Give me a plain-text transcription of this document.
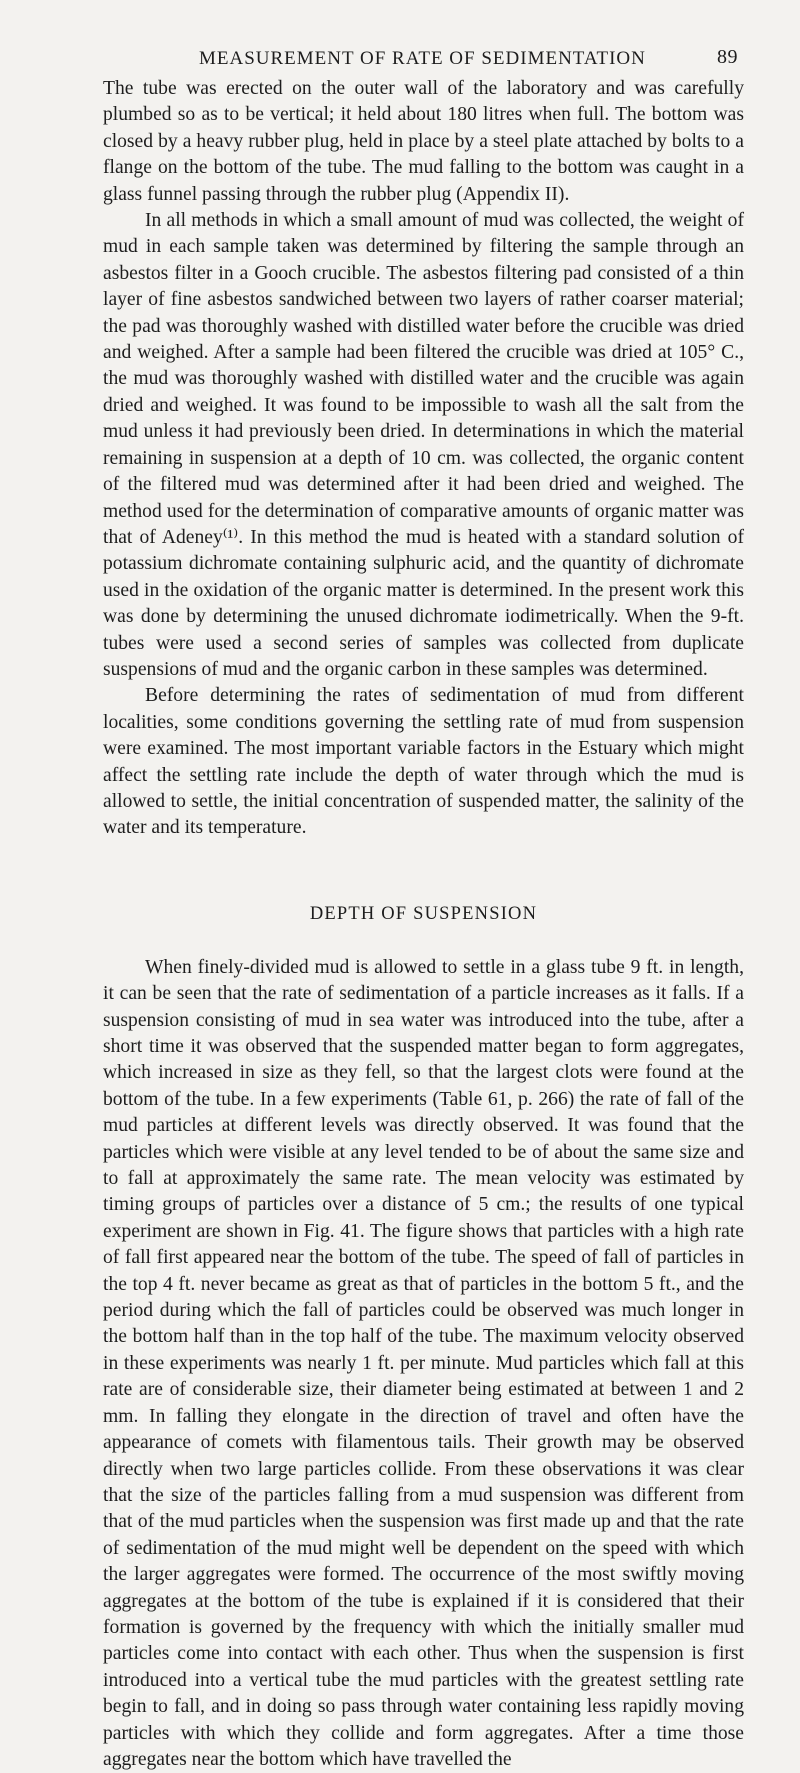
MEASUREMENT OF RATE OF SEDIMENTATION	89

The tube was erected on the outer wall of the laboratory and was carefully plumbed so as to be vertical; it held about 180 litres when full. The bottom was closed by a heavy rubber plug, held in place by a steel plate attached by bolts to a flange on the bottom of the tube. The mud falling to the bottom was caught in a glass funnel passing through the rubber plug (Appendix II).

In all methods in which a small amount of mud was collected, the weight of mud in each sample taken was determined by filtering the sample through an asbestos filter in a Gooch crucible. The asbestos filtering pad consisted of a thin layer of fine asbestos sandwiched between two layers of rather coarser material; the pad was thoroughly washed with distilled water before the crucible was dried and weighed. After a sample had been filtered the crucible was dried at 105° C., the mud was thoroughly washed with distilled water and the crucible was again dried and weighed. It was found to be impossible to wash all the salt from the mud unless it had previously been dried. In determinations in which the material remaining in suspension at a depth of 10 cm. was collected, the organic content of the filtered mud was determined after it had been dried and weighed. The method used for the determination of comparative amounts of organic matter was that of Adeney⁽¹⁾. In this method the mud is heated with a standard solution of potassium dichromate containing sulphuric acid, and the quantity of dichromate used in the oxidation of the organic matter is determined. In the present work this was done by determining the unused dichromate iodimetrically. When the 9-ft. tubes were used a second series of samples was collected from duplicate suspensions of mud and the organic carbon in these samples was determined.

Before determining the rates of sedimentation of mud from different localities, some conditions governing the settling rate of mud from suspension were examined. The most important variable factors in the Estuary which might affect the settling rate include the depth of water through which the mud is allowed to settle, the initial concentration of suspended matter, the salinity of the water and its temperature.

DEPTH OF SUSPENSION

When finely-divided mud is allowed to settle in a glass tube 9 ft. in length, it can be seen that the rate of sedimentation of a particle increases as it falls. If a suspension consisting of mud in sea water was introduced into the tube, after a short time it was observed that the suspended matter began to form aggregates, which increased in size as they fell, so that the largest clots were found at the bottom of the tube. In a few experiments (Table 61, p. 266) the rate of fall of the mud particles at different levels was directly observed. It was found that the particles which were visible at any level tended to be of about the same size and to fall at approximately the same rate. The mean velocity was estimated by timing groups of particles over a distance of 5 cm.; the results of one typical experiment are shown in Fig. 41. The figure shows that particles with a high rate of fall first appeared near the bottom of the tube. The speed of fall of particles in the top 4 ft. never became as great as that of particles in the bottom 5 ft., and the period during which the fall of particles could be observed was much longer in the bottom half than in the top half of the tube. The maximum velocity observed in these experiments was nearly 1 ft. per minute. Mud particles which fall at this rate are of considerable size, their diameter being estimated at between 1 and 2 mm. In falling they elongate in the direction of travel and often have the appearance of comets with filamentous tails. Their growth may be observed directly when two large particles collide. From these observations it was clear that the size of the particles falling from a mud suspension was different from that of the mud particles when the suspension was first made up and that the rate of sedimentation of the mud might well be dependent on the speed with which the larger aggregates were formed. The occurrence of the most swiftly moving aggregates at the bottom of the tube is explained if it is considered that their formation is governed by the frequency with which the initially smaller mud particles come into contact with each other. Thus when the suspension is first introduced into a vertical tube the mud particles with the greatest settling rate begin to fall, and in doing so pass through water containing less rapidly moving particles with which they collide and form aggregates. After a time those aggregates near the bottom which have travelled the
